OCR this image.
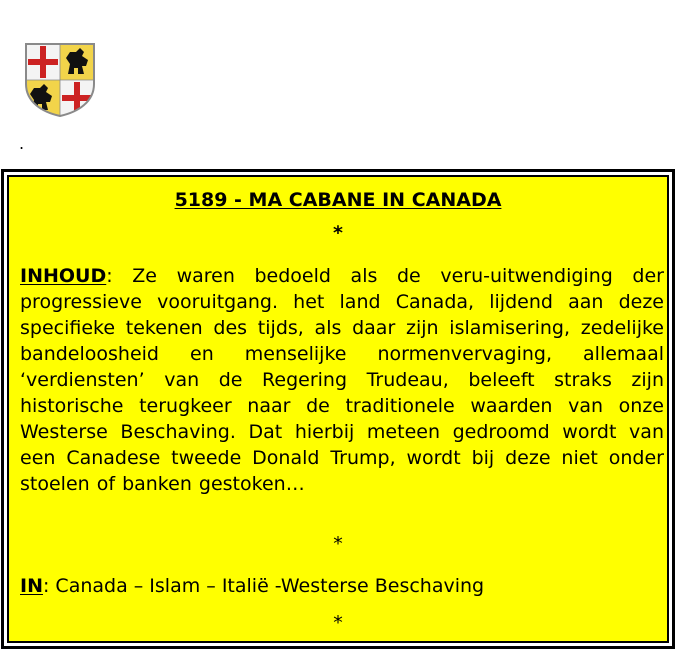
.
5189 - MA CABANE IN CANADA
*
INHOUD: Ze waren bedoeld als de veru-uitwendiging der progressieve vooruitgang. het land Canada, lijdend aan deze specifieke tekenen des tijds, als daar zijn islamisering, zedelijke bandeloosheid en menselijke normenvervaging, allemaal ‘verdiensten’ van de Regering Trudeau, beleeft straks zijn historische terugkeer naar de traditionele waarden van onze Westerse Beschaving. Dat hierbij meteen gedroomd wordt van een Canadese tweede Donald Trump, wordt bij deze niet onder stoelen of banken gestoken…
*
IN: Canada – Islam – Italië -Westerse Beschaving
*
